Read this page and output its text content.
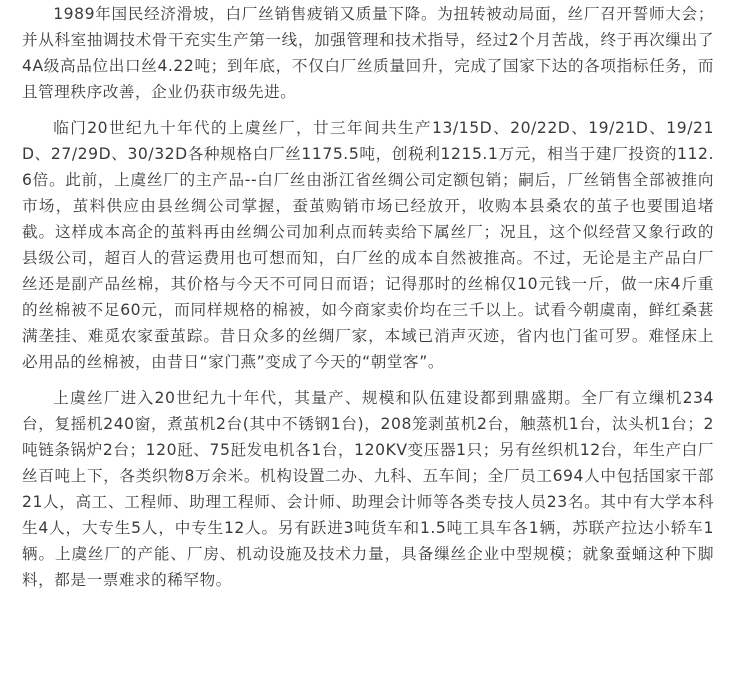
1989年国民经济滑坡，白厂丝销售疲销又质量下降。为扭转被动局面，丝厂召开誓师大会；并从科室抽调技术骨干充实生产第一线，加强管理和技术指导，经过2个月苦战，终于再次缫出了4A级高品位出口丝4.22吨；到年底，不仅白厂丝质量回升，完成了国家下达的各项指标任务，而且管理秩序改善，企业仍获市级先进。

临门20世纪九十年代的上虞丝厂，廿三年间共生产13/15D、20/22D、19/21D、19/21D、27/29D、30/32D各种规格白厂丝1175.5吨，创税利1215.1万元，相当于建厂投资的112.6倍。此前，上虞丝厂的主产品--白厂丝由浙江省丝绸公司定额包销；嗣后，厂丝销售全部被推向市场，茧料供应由县丝绸公司掌握，蚕茧购销市场已经放开，收购本县桑农的茧子也要围追堵截。这样成本高企的茧料再由丝绸公司加利点而转卖给下属丝厂；况且，这个似经营又象行政的县级公司，超百人的营运费用也可想而知，白厂丝的成本自然被推高。不过，无论是主产品白厂丝还是副产品丝棉，其价格与今天不可同日而语；记得那时的丝棉仅10元钱一斤，做一床4斤重的丝棉被不足60元，而同样规格的棉被，如今商家卖价均在三千以上。试看今朝虞南，鲜红桑葚满垄挂、难觅农家蚕茧踪。昔日众多的丝绸厂家，本域已消声灭迹，省内也门雀可罗。难怪床上必用品的丝棉被，由昔日“家门燕”变成了今天的“朝堂客”。

上虞丝厂进入20世纪九十年代，其量产、规模和队伍建设都到鼎盛期。全厂有立缫机234台，复摇机240窗，煮茧机2台(其中不锈钢1台)，208笼剥茧机2台，触蒸机1台，汰头机1台；2吨链条锅炉2台；120瓩、75瓩发电机各1台，120KV变压器1只；另有丝织机12台，年生产白厂丝百吨上下，各类织物8万余米。机构设置二办、九科、五车间；全厂员工694人中包括国家干部21人，高工、工程师、助理工程师、会计师、助理会计师等各类专技人员23名。其中有大学本科生4人，大专生5人，中专生12人。另有跃进3吨货车和1.5吨工具车各1辆，苏联产拉达小轿车1辆。上虞丝厂的产能、厂房、机动设施及技术力量，具备缫丝企业中型规模；就象蚕蛹这种下脚料，都是一票难求的稀罕物。
